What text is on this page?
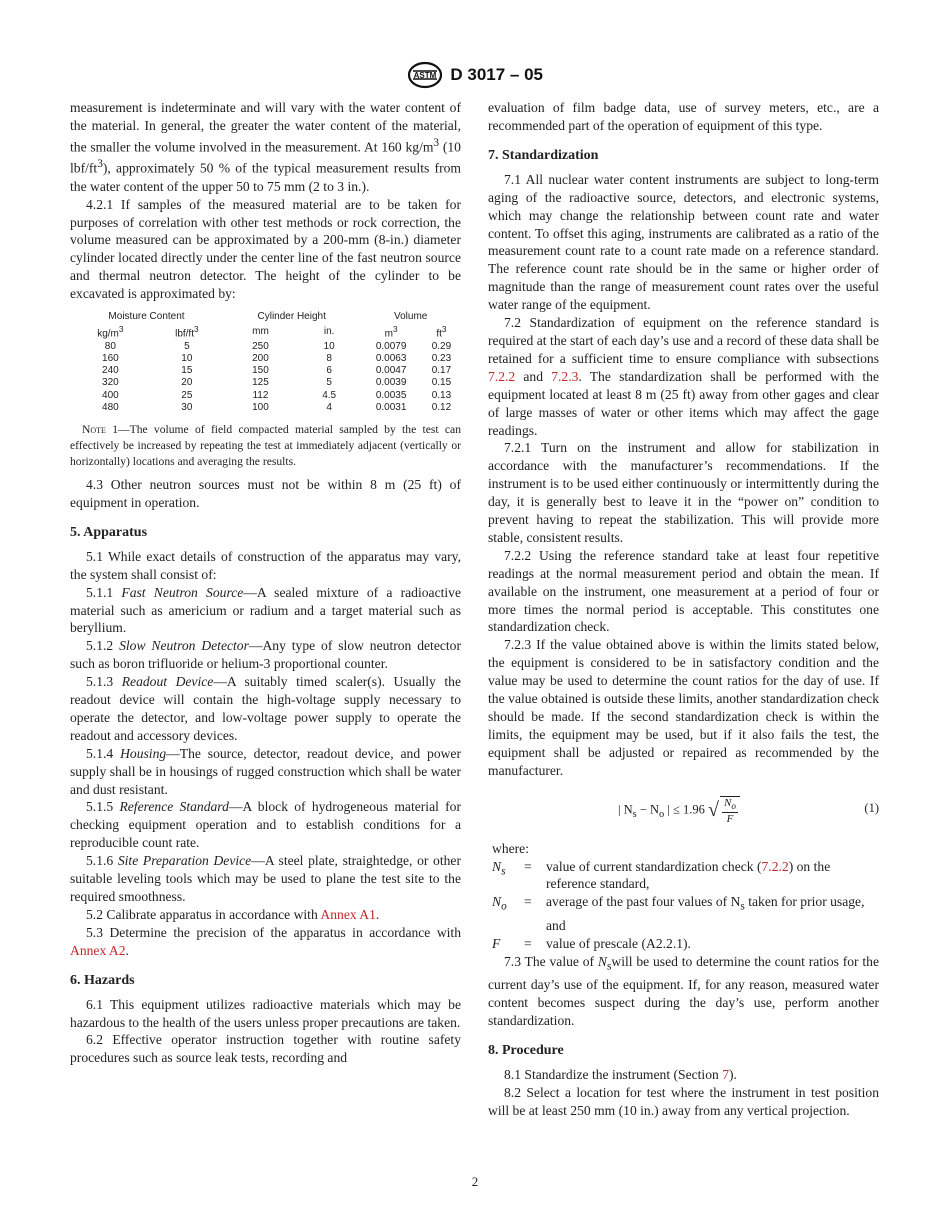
ASTM D 3017 – 05

measurement is indeterminate and will vary with the water content of the material. In general, the greater the water content of the material, the smaller the volume involved in the measurement. At 160 $kg/m^3$ (10 lbf/$ft^3$), approximately 50 % of the typical measurement results from the water content of the upper 50 to 75 mm (2 to 3 in.).

4.2.1 If samples of the measured material are to be taken for purposes of correlation with other test methods or rock correction, the volume measured can be approximated by a 200-mm (8-in.) diameter cylinder located directly under the center line of the fast neutron source and thermal neutron detector. The height of the cylinder to be excavated is approximated by:

Moisture Content		Cylinder Height		Volume	
$kg/m^3$	lbf/$ft^3$	mm	in.	$m^3$	$ft^3$
80	5	250	10	0.0079	0.29
160	10	200	8	0.0063	0.23
240	15	150	6	0.0047	0.17
320	20	125	5	0.0039	0.15
400	25	112	4.5	0.0035	0.13
480	30	100	4	0.0031	0.12

Note 1—The volume of field compacted material sampled by the test can effectively be increased by repeating the test at immediately adjacent (vertically or horizontally) locations and averaging the results.

4.3 Other neutron sources must not be within 8 m (25 ft) of equipment in operation.

5. Apparatus

5.1 While exact details of construction of the apparatus may vary, the system shall consist of:

5.1.1 Fast Neutron Source—A sealed mixture of a radioactive material such as americium or radium and a target material such as beryllium.

5.1.2 Slow Neutron Detector—Any type of slow neutron detector such as boron trifluoride or helium-3 proportional counter.

5.1.3 Readout Device—A suitably timed scaler(s). Usually the readout device will contain the high-voltage supply necessary to operate the detector, and low-voltage power supply to operate the readout and accessory devices.

5.1.4 Housing—The source, detector, readout device, and power supply shall be in housings of rugged construction which shall be water and dust resistant.

5.1.5 Reference Standard—A block of hydrogeneous material for checking equipment operation and to establish conditions for a reproducible count rate.

5.1.6 Site Preparation Device—A steel plate, straightedge, or other suitable leveling tools which may be used to plane the test site to the required smoothness.

5.2 Calibrate apparatus in accordance with Annex A1.

5.3 Determine the precision of the apparatus in accordance with Annex A2.

6. Hazards

6.1 This equipment utilizes radioactive materials which may be hazardous to the health of the users unless proper precautions are taken.

6.2 Effective operator instruction together with routine safety procedures such as source leak tests, recording and

evaluation of film badge data, use of survey meters, etc., are a recommended part of the operation of equipment of this type.

7. Standardization

7.1 All nuclear water content instruments are subject to long-term aging of the radioactive source, detectors, and electronic systems, which may change the relationship between count rate and water content. To offset this aging, instruments are calibrated as a ratio of the measurement count rate to a count rate made on a reference standard. The reference count rate should be in the same or higher order of magnitude than the range of measurement count rates over the useful water range of the equipment.

7.2 Standardization of equipment on the reference standard is required at the start of each day’s use and a record of these data shall be retained for a sufficient time to ensure compliance with subsections 7.2.2 and 7.2.3. The standardization shall be performed with the equipment located at least 8 m (25 ft) away from other gages and clear of large masses of water or other items which may affect the gage readings.

7.2.1 Turn on the instrument and allow for stabilization in accordance with the manufacturer’s recommendations. If the instrument is to be used either continuously or intermittently during the day, it is generally best to leave it in the “power on” condition to prevent having to repeat the stabilization. This will provide more stable, consistent results.

7.2.2 Using the reference standard take at least four repetitive readings at the normal measurement period and obtain the mean. If available on the instrument, one measurement at a period of four or more times the normal period is acceptable. This constitutes one standardization check.

7.2.3 If the value obtained above is within the limits stated below, the equipment is considered to be in satisfactory condition and the value may be used to determine the count ratios for the day of use. If the value obtained is outside these limits, another standardization check should be made. If the second standardization check is within the limits, the equipment may be used, but if it also fails the test, the equipment shall be adjusted or repaired as recommended by the manufacturer.

| $N_s - N_o$ | ≤ 1.96 √ $\frac{N_o}{F}$	(1)

where:

$N_s$	=	value of current standardization check (7.2.2) on the reference standard,
$N_o$	=	average of the past four values of $N_s$ taken for prior usage, and
F	=	value of prescale (A2.2.1).

7.3 The value of $N_swill$ be used to determine the count ratios for the current day’s use of the equipment. If, for any reason, measured water content becomes suspect during the day’s use, perform another standardization.

8. Procedure

8.1 Standardize the instrument (Section 7).

8.2 Select a location for test where the instrument in test position will be at least 250 mm (10 in.) away from any vertical projection.

2
